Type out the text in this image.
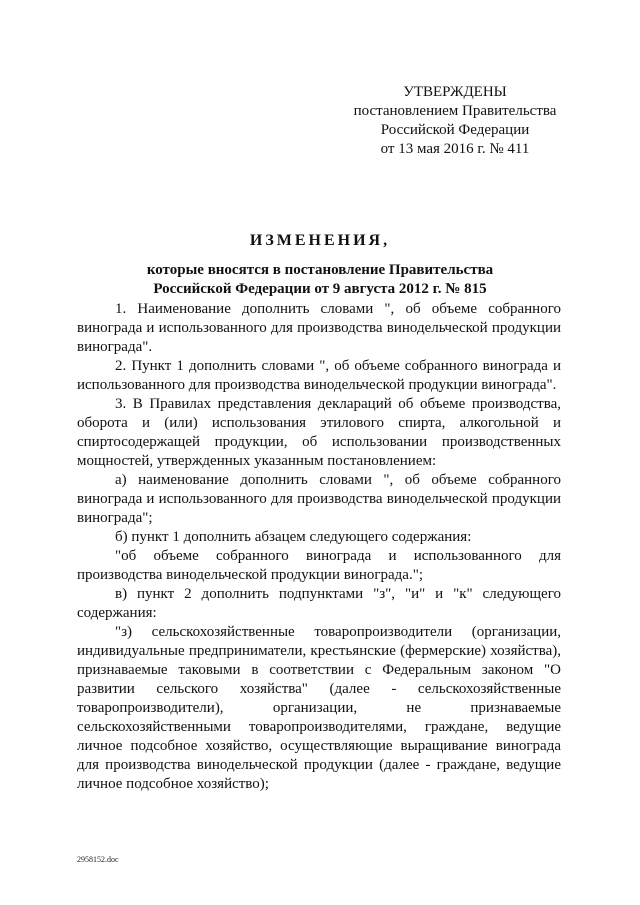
УТВЕРЖДЕНЫ
постановлением Правительства
Российской Федерации
от 13 мая 2016 г. № 411
ИЗМЕНЕНИЯ,
которые вносятся в постановление Правительства
Российской Федерации от 9 августа 2012 г. № 815

1. Наименование дополнить словами ", об объеме собранного винограда и использованного для производства винодельческой продукции винограда".

2. Пункт 1 дополнить словами ", об объеме собранного винограда и использованного для производства винодельческой продукции винограда".

3. В Правилах представления деклараций об объеме производства, оборота и (или) использования этилового спирта, алкогольной и спиртосодержащей продукции, об использовании производственных мощностей, утвержденных указанным постановлением:

а) наименование дополнить словами ", об объеме собранного винограда и использованного для производства винодельческой продукции винограда";

б) пункт 1 дополнить абзацем следующего содержания:

"об объеме собранного винограда и использованного для производства винодельческой продукции винограда.";

в) пункт 2 дополнить подпунктами "з", "и" и "к" следующего содержания:

"з) сельскохозяйственные товаропроизводители (организации, индивидуальные предприниматели, крестьянские (фермерские) хозяйства), признаваемые таковыми в соответствии с Федеральным законом "О развитии сельского хозяйства" (далее - сельскохозяйственные товаропроизводители), организации, не признаваемые сельскохозяйственными товаропроизводителями, граждане, ведущие личное подсобное хозяйство, осуществляющие выращивание винограда для производства винодельческой продукции (далее - граждане, ведущие личное подсобное хозяйство);

2958152.doc
